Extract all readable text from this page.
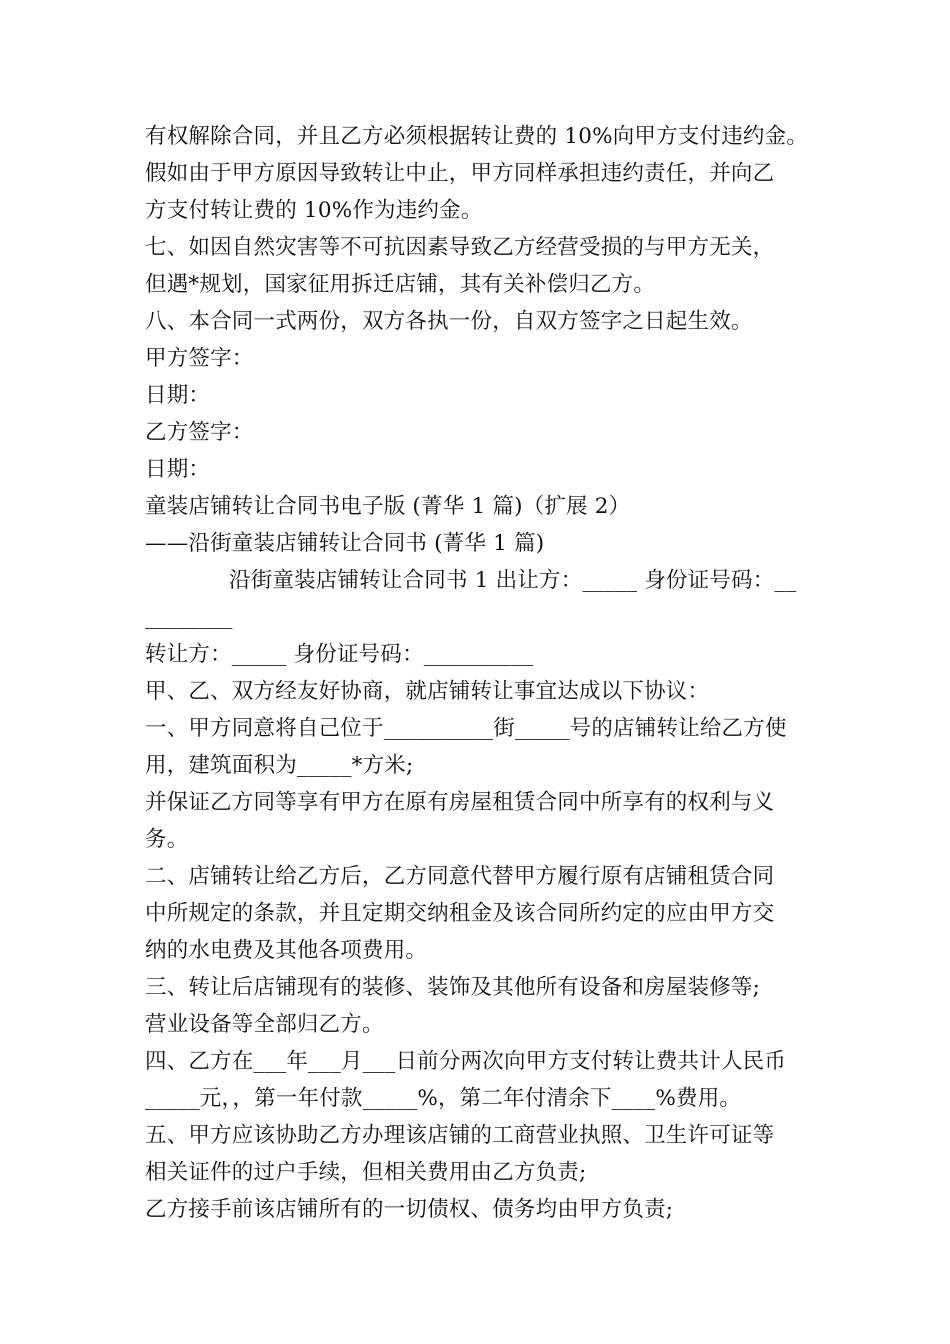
有权解除合同，并且乙方必须根据转让费的 10%向甲方支付违约金。
假如由于甲方原因导致转让中止，甲方同样承担违约责任，并向乙
方支付转让费的 10%作为违约金。
七、如因自然灾害等不可抗因素导致乙方经营受损的与甲方无关，
但遇*规划，国家征用拆迁店铺，其有关补偿归乙方。
八、本合同一式两份，双方各执一份，自双方签字之日起生效。
甲方签字：
日期：
乙方签字：
日期：
童装店铺转让合同书电子版 (菁华 1 篇)（扩展 2）
——沿街童装店铺转让合同书 (菁华 1 篇)
沿街童装店铺转让合同书 1 出让方：_____ 身份证号码：__
________
转让方：_____ 身份证号码：__________
甲、乙、双方经友好协商，就店铺转让事宜达成以下协议：
一、甲方同意将自己位于__________街_____号的店铺转让给乙方使
用，建筑面积为_____*方米;
并保证乙方同等享有甲方在原有房屋租赁合同中所享有的权利与义
务。
二、店铺转让给乙方后，乙方同意代替甲方履行原有店铺租赁合同
中所规定的条款，并且定期交纳租金及该合同所约定的应由甲方交
纳的水电费及其他各项费用。
三、转让后店铺现有的装修、装饰及其他所有设备和房屋装修等;
营业设备等全部归乙方。
四、乙方在___年___月___日前分两次向甲方支付转让费共计人民币
_____元，，第一年付款_____%，第二年付清余下____%费用。
五、甲方应该协助乙方办理该店铺的工商营业执照、卫生许可证等
相关证件的过户手续，但相关费用由乙方负责;
乙方接手前该店铺所有的一切债权、债务均由甲方负责;
